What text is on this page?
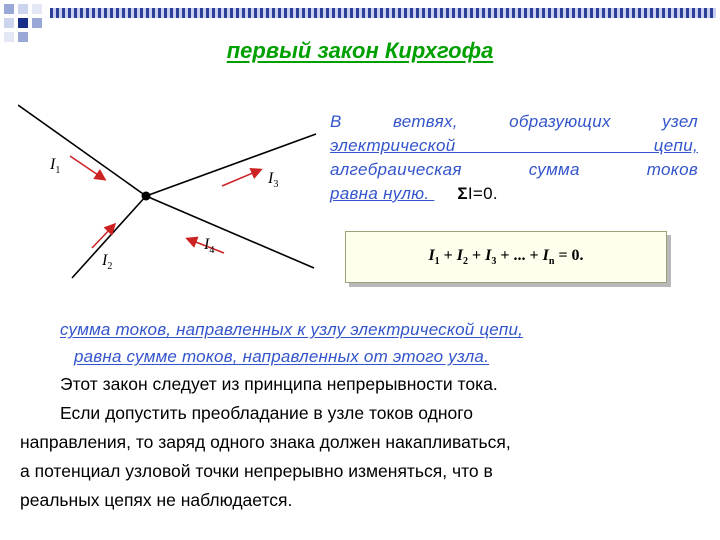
первый закон Кирхгофа
$I_1$	$I_3$
$I_4$
$I_2$
В ветвях, образующих узел
электрической цепи,
алгебраическая сумма токов
равна нулю. ΣI=0.
$I_1 + I_2 + I_3$ + ... + $I_n = 0$.
сумма токов, направленных к узлу электрической цепи,
равна сумме токов, направленных от этого узла.
Этот закон следует из принципа непрерывности тока.
Если допустить преобладание в узле токов одного
направления, то заряд одного знака должен накапливаться,
а потенциал узловой точки непрерывно изменяться, что в
реальных цепях не наблюдается.
